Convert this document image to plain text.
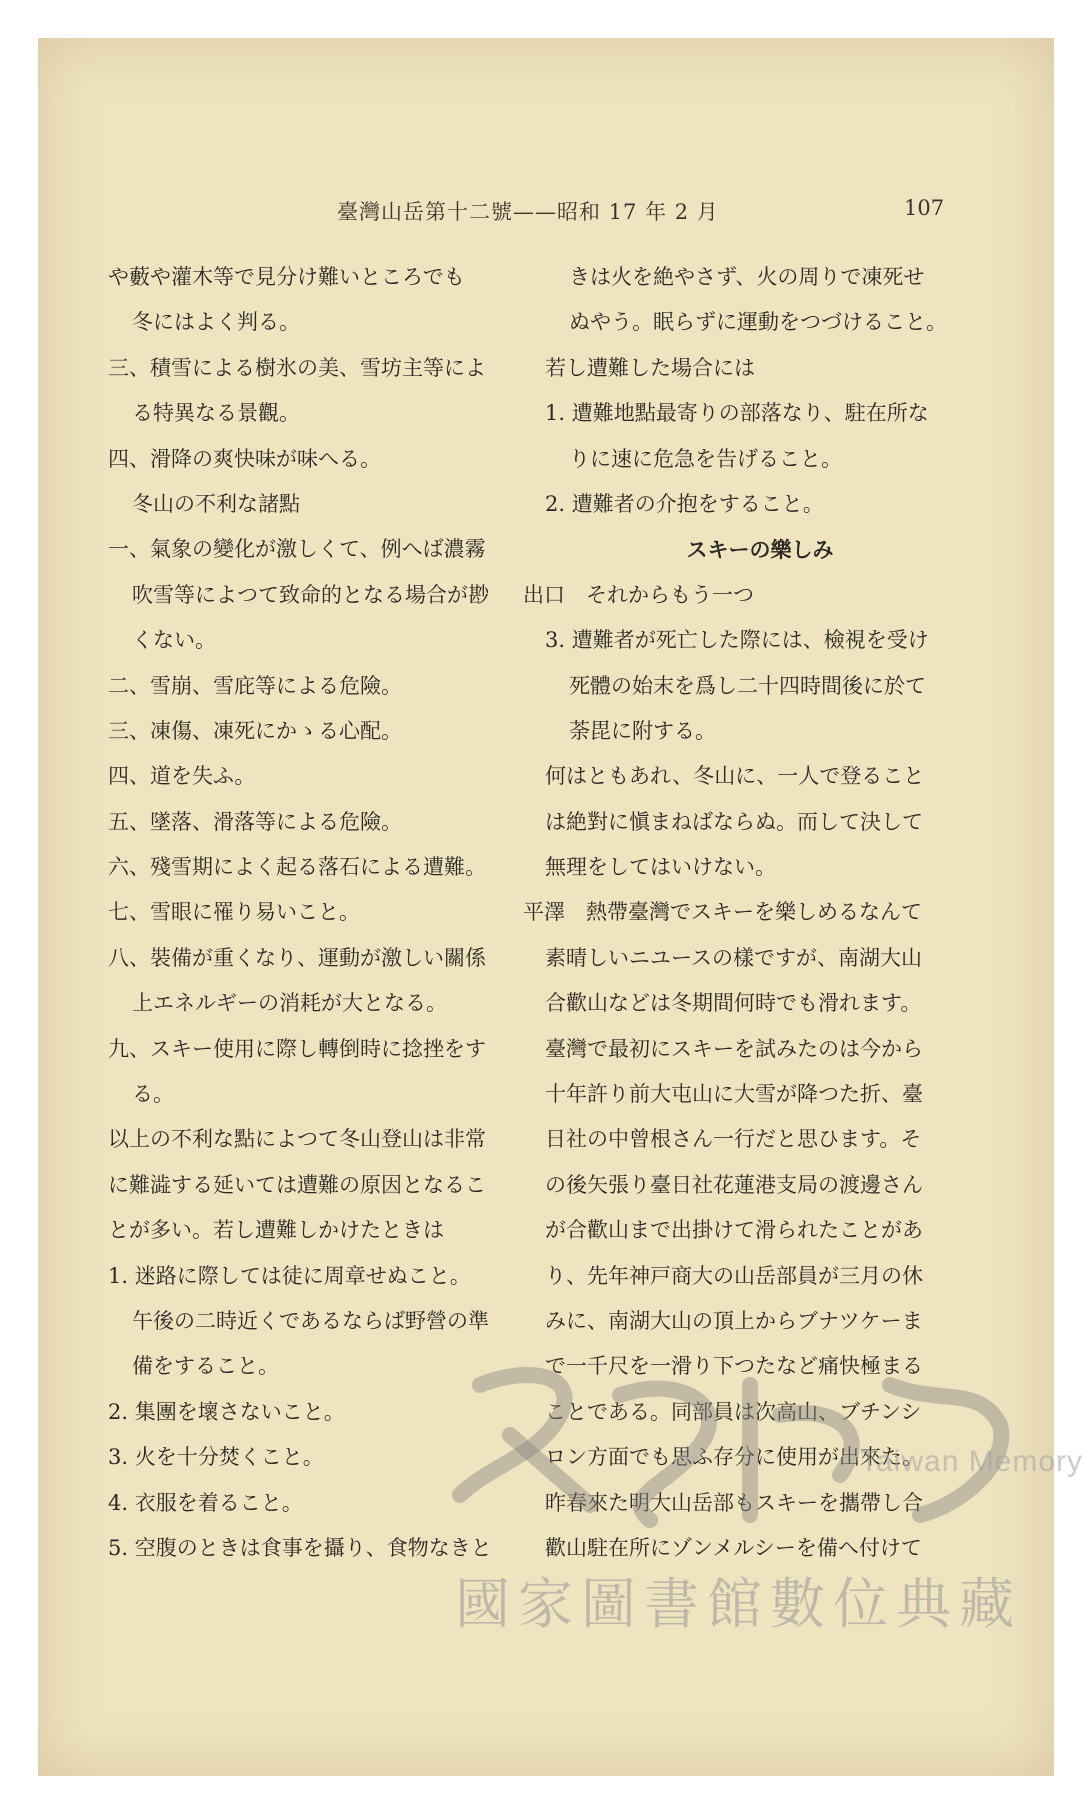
臺灣山岳第十二號——昭和 17 年 2 月	107
や藪や灌木等で見分け難いところでも
冬にはよく判る。
三、積雪による樹氷の美、雪坊主等によ
る特異なる景觀。
四、滑降の爽快味が味へる。
冬山の不利な諸點
一、氣象の變化が激しくて、例へば濃霧
吹雪等によつて致命的となる場合が尠
くない。
二、雪崩、雪庇等による危險。
三、凍傷、凍死にかゝる心配。
四、道を失ふ。
五、墜落、滑落等による危險。
六、殘雪期によく起る落石による遭難。
七、雪眼に罹り易いこと。
八、裝備が重くなり、運動が激しい關係
上エネルギーの消耗が大となる。
九、スキー使用に際し轉倒時に捻挫をす
る。
以上の不利な點によつて冬山登山は非常
に難澁する延いては遭難の原因となるこ
とが多い。若し遭難しかけたときは
1. 迷路に際しては徒に周章せぬこと。
午後の二時近くであるならば野營の準
備をすること。
2. 集團を壞さないこと。
3. 火を十分焚くこと。
4. 衣服を着ること。
5. 空腹のときは食事を攝り、食物なきと
きは火を絶やさず、火の周りで凍死せ
ぬやう。眠らずに運動をつづけること。
若し遭難した場合には
1. 遭難地點最寄りの部落なり、駐在所な
りに速に危急を告げること。
2. 遭難者の介抱をすること。
スキーの樂しみ
出口　それからもう一つ
3. 遭難者が死亡した際には、檢視を受け
死體の始末を爲し二十四時間後に於て
荼毘に附する。
何はともあれ、冬山に、一人で登ること
は絶對に愼まねばならぬ。而して決して
無理をしてはいけない。
平澤　熱帶臺灣でスキーを樂しめるなんて
素晴しいニユースの樣ですが、南湖大山
合歡山などは冬期間何時でも滑れます。
臺灣で最初にスキーを試みたのは今から
十年許り前大屯山に大雪が降つた折、臺
日社の中曾根さん一行だと思ひます。そ
の後矢張り臺日社花蓮港支局の渡邊さん
が合歡山まで出掛けて滑られたことがあ
り、先年神戸商大の山岳部員が三月の休
みに、南湖大山の頂上からブナツケーま
で一千尺を一滑り下つたなど痛快極まる
ことである。同部員は次高山、ブチンシ
ロン方面でも思ふ存分に使用が出來た。
昨春來た明大山岳部もスキーを攜帶し合
歡山駐在所にゾンメルシーを備へ付けて
Taiwan Memory
國家圖書館數位典藏
